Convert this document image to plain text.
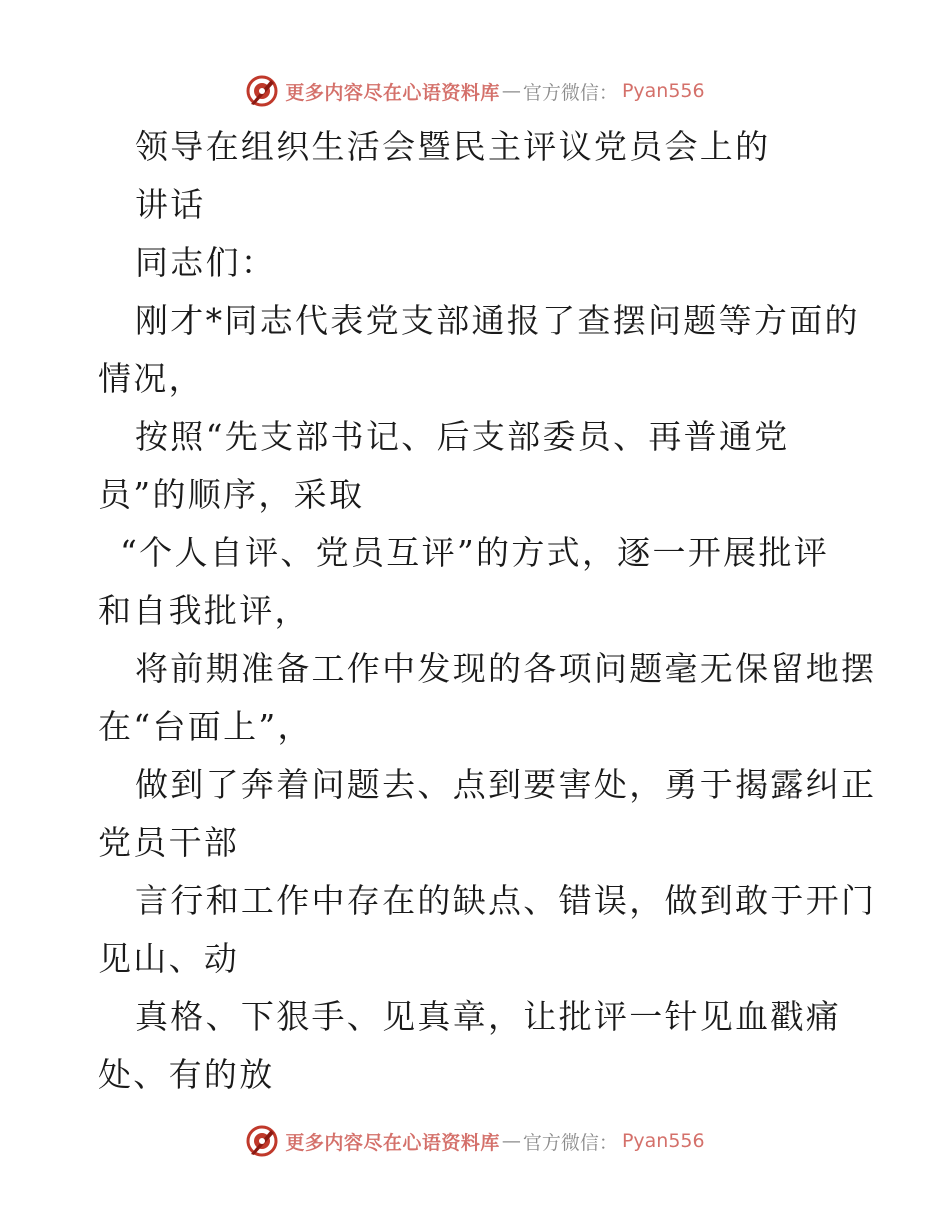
更多内容尽在心语资料库 — 官方微信： Pyan556
领导在组织生活会暨民主评议党员会上的
讲话
同志们：
刚才*同志代表党支部通报了查摆问题等方面的
情况，
按照“先支部书记、后支部委员、再普通党
员”的顺序，采取
“个人自评、党员互评”的方式，逐一开展批评
和自我批评，
将前期准备工作中发现的各项问题毫无保留地摆
在“台面上”，
做到了奔着问题去、点到要害处，勇于揭露纠正
党员干部
言行和工作中存在的缺点、错误，做到敢于开门
见山、动
真格、下狠手、见真章，让批评一针见血戳痛
处、有的放
更多内容尽在心语资料库 — 官方微信： Pyan556
